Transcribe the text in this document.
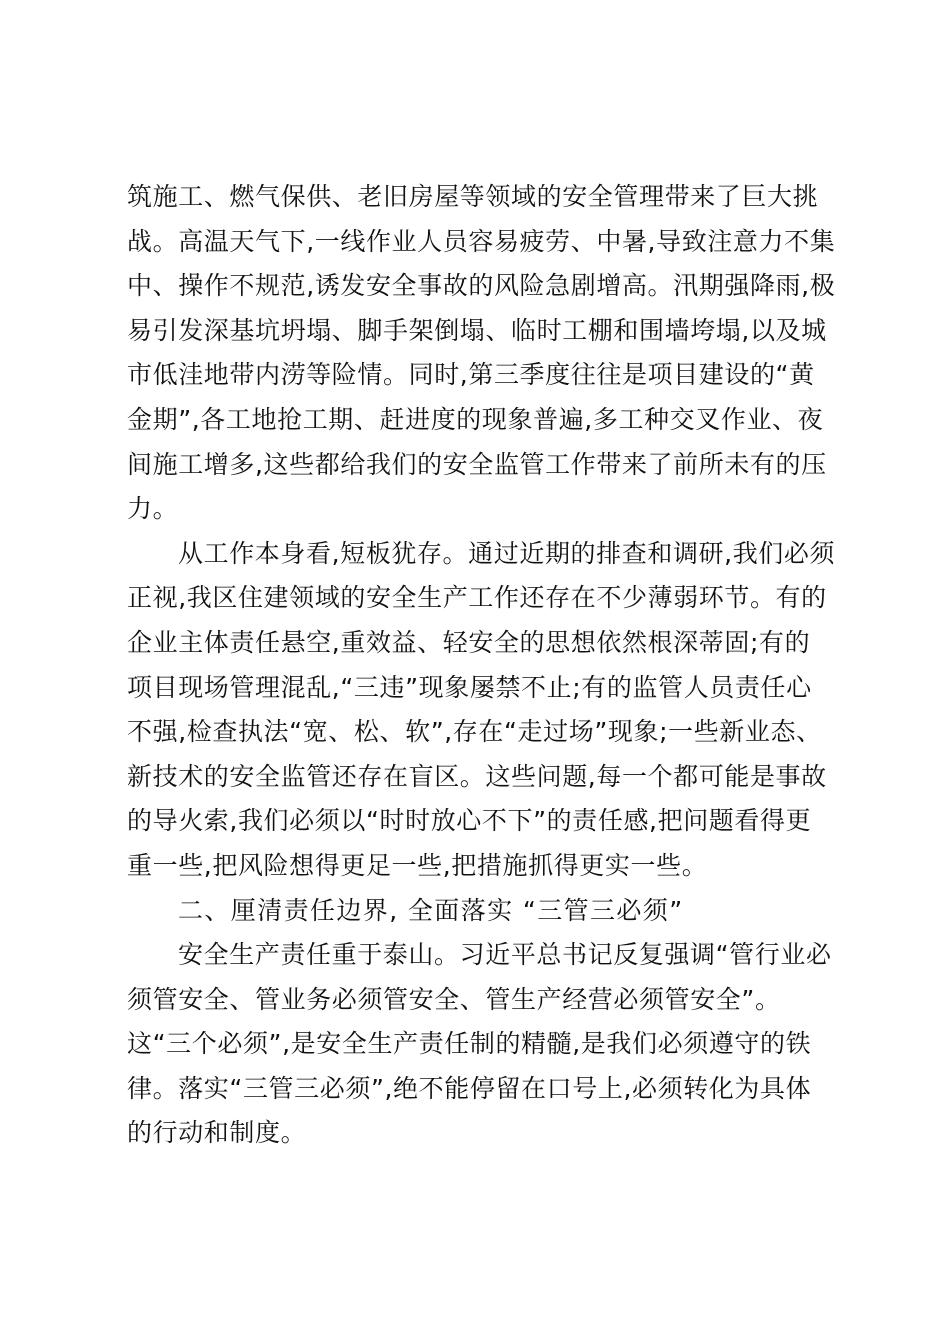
筑施工、燃气保供、老旧房屋等领域的安全管理带来了巨大挑
战。高温天气下,一线作业人员容易疲劳、中暑,导致注意力不集
中、操作不规范,诱发安全事故的风险急剧增高。汛期强降雨,极
易引发深基坑坍塌、脚手架倒塌、临时工棚和围墙垮塌,以及城
市低洼地带内涝等险情。同时,第三季度往往是项目建设的“黄
金期”,各工地抢工期、赶进度的现象普遍,多工种交叉作业、夜
间施工增多,这些都给我们的安全监管工作带来了前所未有的压
力。
从工作本身看,短板犹存。通过近期的排查和调研,我们必须
正视,我区住建领域的安全生产工作还存在不少薄弱环节。有的
企业主体责任悬空,重效益、轻安全的思想依然根深蒂固;有的
项目现场管理混乱,“三违”现象屡禁不止;有的监管人员责任心
不强,检查执法“宽、松、软”,存在“走过场”现象;一些新业态、
新技术的安全监管还存在盲区。这些问题,每一个都可能是事故
的导火索,我们必须以“时时放心不下”的责任感,把问题看得更
重一些,把风险想得更足一些,把措施抓得更实一些。
二、厘清责任边界, 全面落实 “三管三必须”
安全生产责任重于泰山。习近平总书记反复强调“管行业必
须管安全、管业务必须管安全、管生产经营必须管安全”。
这“三个必须”,是安全生产责任制的精髓,是我们必须遵守的铁
律。落实“三管三必须”,绝不能停留在口号上,必须转化为具体
的行动和制度。
